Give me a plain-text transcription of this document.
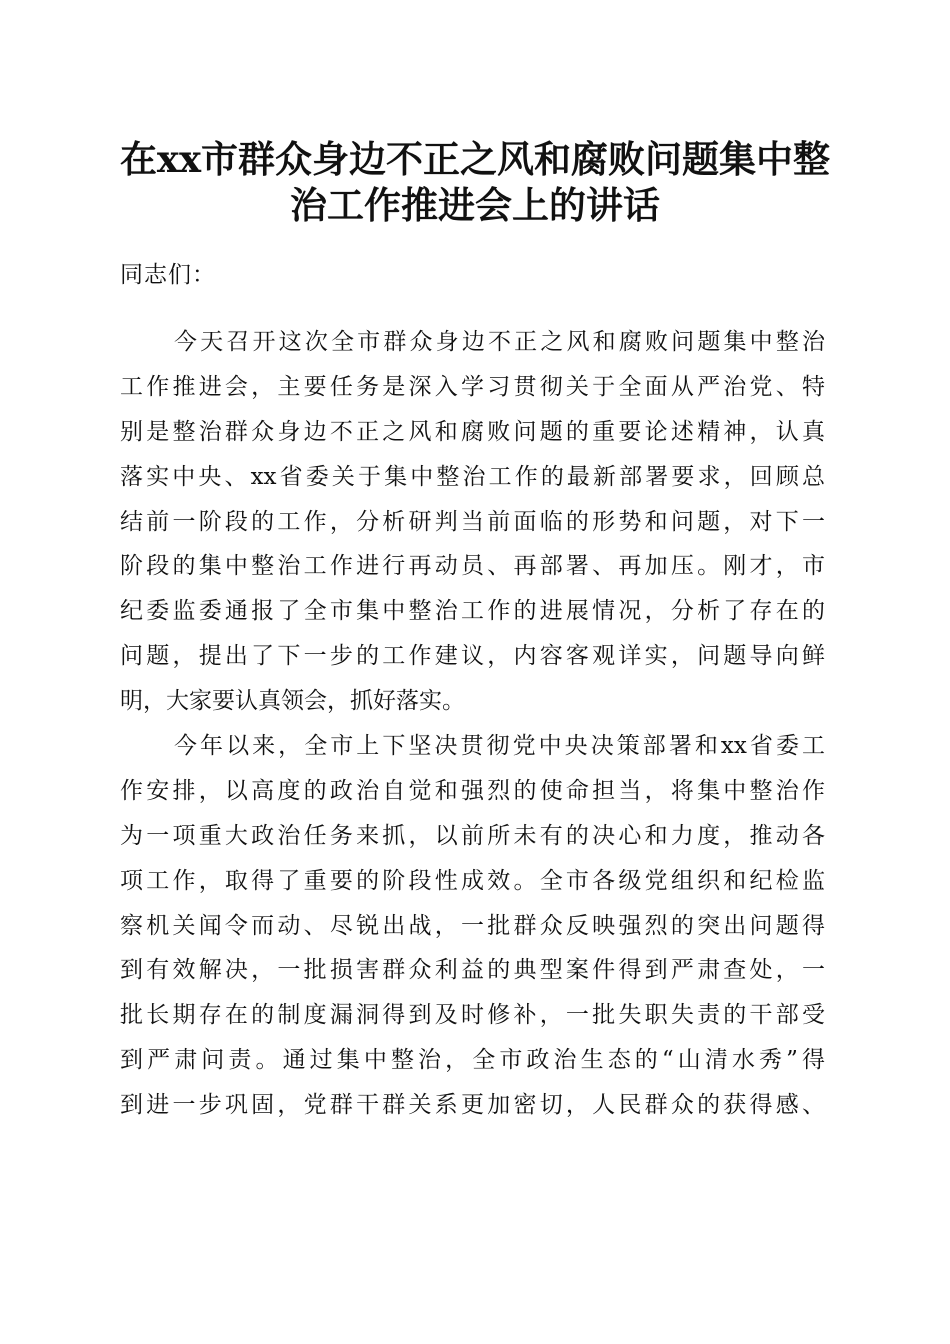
在xx市群众身边不正之风和腐败问题集中整
治工作推进会上的讲话
同志们：
今天召开这次全市群众身边不正之风和腐败问题集中整治
工作推进会，主要任务是深入学习贯彻关于全面从严治党、特
别是整治群众身边不正之风和腐败问题的重要论述精神，认真
落实中央、xx省委关于集中整治工作的最新部署要求，回顾总
结前一阶段的工作，分析研判当前面临的形势和问题，对下一
阶段的集中整治工作进行再动员、再部署、再加压。刚才，市
纪委监委通报了全市集中整治工作的进展情况，分析了存在的
问题，提出了下一步的工作建议，内容客观详实，问题导向鲜
明，大家要认真领会，抓好落实。
今年以来，全市上下坚决贯彻党中央决策部署和xx省委工
作安排，以高度的政治自觉和强烈的使命担当，将集中整治作
为一项重大政治任务来抓，以前所未有的决心和力度，推动各
项工作，取得了重要的阶段性成效。全市各级党组织和纪检监
察机关闻令而动、尽锐出战，一批群众反映强烈的突出问题得
到有效解决，一批损害群众利益的典型案件得到严肃查处，一
批长期存在的制度漏洞得到及时修补，一批失职失责的干部受
到严肃问责。通过集中整治，全市政治生态的“山清水秀”得
到进一步巩固，党群干群关系更加密切，人民群众的获得感、
